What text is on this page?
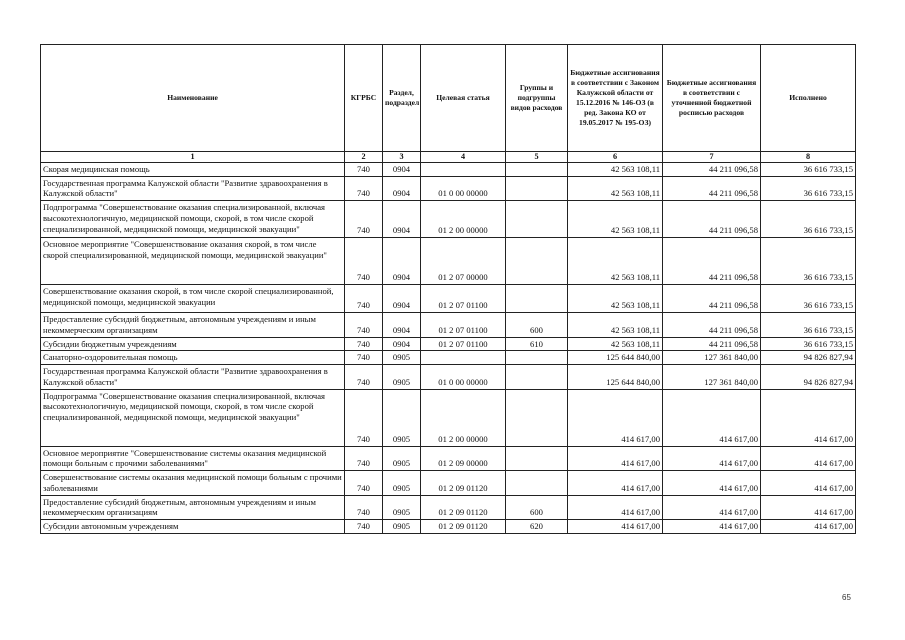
Наименование	КГРБС	Раздел, подраздел	Целевая статья	Группы и подгруппы видов расходов	Бюджетные ассигнования в соответствии с Законом Калужской области от 15.12.2016 № 146-ОЗ (в ред. Закона КО от 19.05.2017 № 195-ОЗ)	Бюджетные ассигнования в соответствии с уточненной бюджетной росписью расходов	Исполнено
1	2	3	4	5	6	7	8
Скорая медицинская помощь	740	0904			42 563 108,11	44 211 096,58	36 616 733,15
Государственная программа Калужской области "Развитие здравоохранения в Калужской области"	740	0904	01 0 00 00000		42 563 108,11	44 211 096,58	36 616 733,15
Подпрограмма "Совершенствование оказания специализированной, включая высокотехнологичную, медицинской помощи, скорой, в том числе скорой специализированной, медицинской помощи, медицинской эвакуации"	740	0904	01 2 00 00000		42 563 108,11	44 211 096,58	36 616 733,15
Основное мероприятие "Совершенствование оказания скорой, в том числе скорой специализированной, медицинской помощи, медицинской эвакуации"	740	0904	01 2 07 00000		42 563 108,11	44 211 096,58	36 616 733,15
Совершенствование оказания скорой, в том числе скорой специализированной, медицинской помощи, медицинской эвакуации	740	0904	01 2 07 01100		42 563 108,11	44 211 096,58	36 616 733,15
Предоставление субсидий бюджетным, автономным учреждениям и иным некоммерческим организациям	740	0904	01 2 07 01100	600	42 563 108,11	44 211 096,58	36 616 733,15
Субсидии бюджетным учреждениям	740	0904	01 2 07 01100	610	42 563 108,11	44 211 096,58	36 616 733,15
Санаторно-оздоровительная помощь	740	0905			125 644 840,00	127 361 840,00	94 826 827,94
Государственная программа Калужской области "Развитие здравоохранения в Калужской области"	740	0905	01 0 00 00000		125 644 840,00	127 361 840,00	94 826 827,94
Подпрограмма "Совершенствование оказания специализированной, включая высокотехнологичную, медицинской помощи, скорой, в том числе скорой специализированной, медицинской помощи, медицинской эвакуации"	740	0905	01 2 00 00000		414 617,00	414 617,00	414 617,00
Основное мероприятие "Совершенствование системы оказания медицинской помощи больным с прочими заболеваниями"	740	0905	01 2 09 00000		414 617,00	414 617,00	414 617,00
Совершенствование системы оказания медицинской помощи больным с прочими заболеваниями	740	0905	01 2 09 01120		414 617,00	414 617,00	414 617,00
Предоставление субсидий бюджетным, автономным учреждениям и иным некоммерческим организациям	740	0905	01 2 09 01120	600	414 617,00	414 617,00	414 617,00
Субсидии автономным учреждениям	740	0905	01 2 09 01120	620	414 617,00	414 617,00	414 617,00
65
